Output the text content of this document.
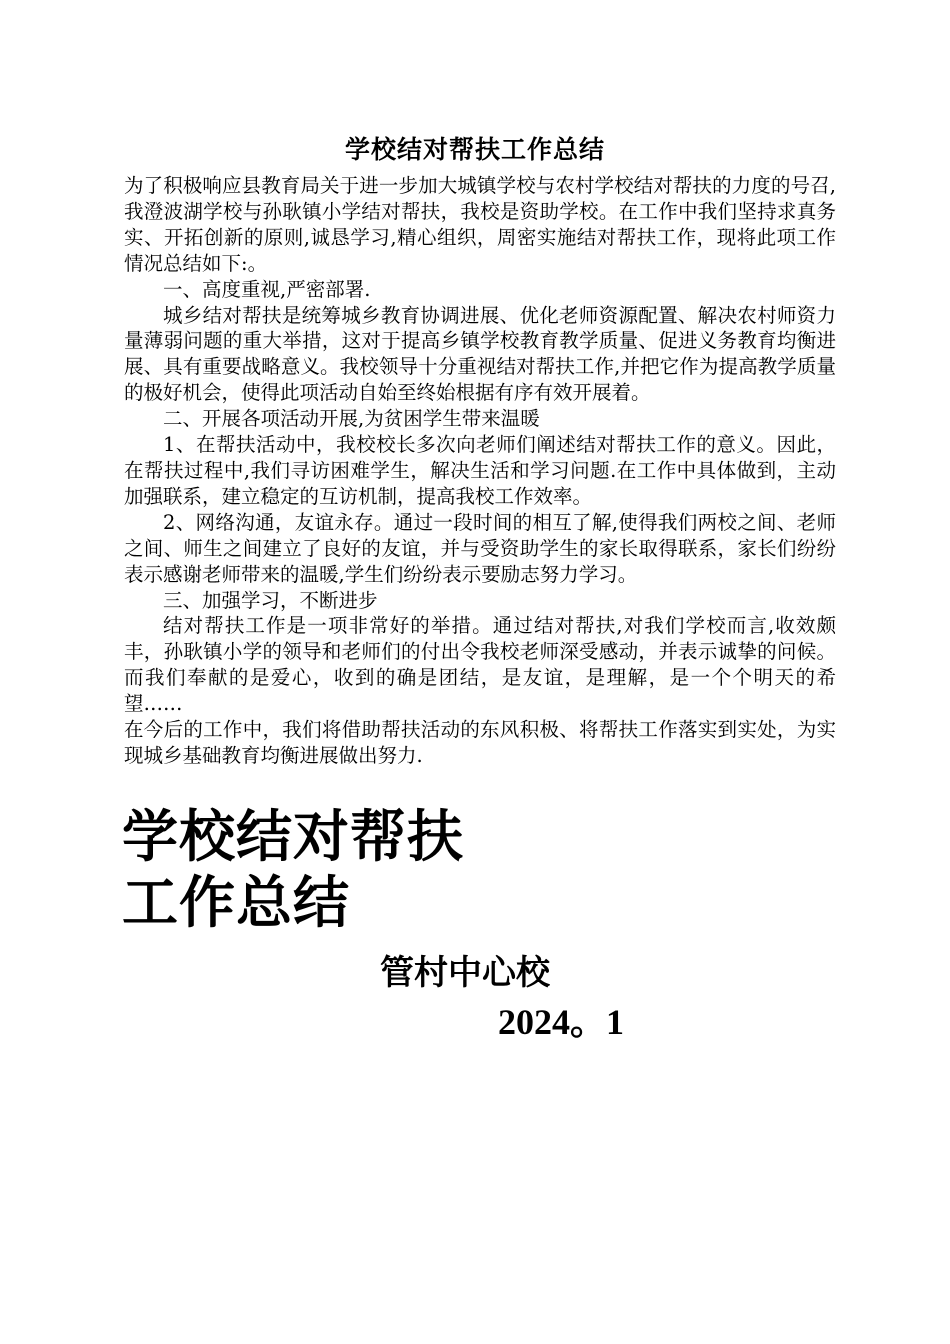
学校结对帮扶工作总结

为了积极响应县教育局关于进一步加大城镇学校与农村学校结对帮扶的力度的号召,我澄波湖学校与孙耿镇小学结对帮扶，我校是资助学校。在工作中我们坚持求真务实、开拓创新的原则,诚恳学习,精心组织，周密实施结对帮扶工作，现将此项工作情况总结如下:。

一、高度重视,严密部署.

城乡结对帮扶是统筹城乡教育协调进展、优化老师资源配置、解决农村师资力量薄弱问题的重大举措，这对于提高乡镇学校教育教学质量、促进义务教育均衡进展、具有重要战略意义。我校领导十分重视结对帮扶工作,并把它作为提高教学质量的极好机会，使得此项活动自始至终始根据有序有效开展着。

二、开展各项活动开展,为贫困学生带来温暖

1、在帮扶活动中，我校校长多次向老师们阐述结对帮扶工作的意义。因此，在帮扶过程中,我们寻访困难学生，解决生活和学习问题.在工作中具体做到，主动加强联系，建立稳定的互访机制，提高我校工作效率。

2、网络沟通，友谊永存。通过一段时间的相互了解,使得我们两校之间、老师之间、师生之间建立了良好的友谊，并与受资助学生的家长取得联系，家长们纷纷表示感谢老师带来的温暖,学生们纷纷表示要励志努力学习。

三、加强学习，不断进步

结对帮扶工作是一项非常好的举措。通过结对帮扶,对我们学校而言,收效颇丰，孙耿镇小学的领导和老师们的付出令我校老师深受感动，并表示诚挚的问候。而我们奉献的是爱心，收到的确是团结，是友谊，是理解，是一个个明天的希望……

在今后的工作中，我们将借助帮扶活动的东风积极、将帮扶工作落实到实处，为实现城乡基础教育均衡进展做出努力.

学校结对帮扶
工作总结
管村中心校
2024。1
